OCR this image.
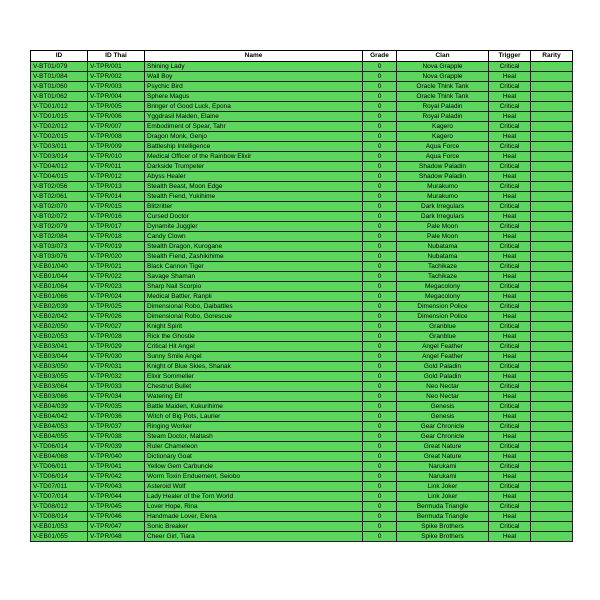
ID	ID Thai	Name	Grade	Clan	Trigger	Rarity
V-BT01/079	V-TPR/001	Shining Lady	0	Nova Grapple	Critical	
V-BT01/084	V-TPR/002	Wall Boy	0	Nova Grapple	Heal	
V-BT01/060	V-TPR/003	Psychic Bird	0	Oracle Think Tank	Critical	
V-BT01/062	V-TPR/004	Sphere Magus	0	Oracle Think Tank	Heal	
V-TD01/012	V-TPR/005	Bringer of Good Luck, Epona	0	Royal Paladin	Critical	
V-TD01/015	V-TPR/006	Yggdrasil Maiden, Elaine	0	Royal Paladin	Heal	
V-TD02/012	V-TPR/007	Embodiment of Spear, Tahr	0	Kagero	Critical	
V-TD02/015	V-TPR/008	Dragon Monk, Genjo	0	Kagero	Heal	
V-TD03/011	V-TPR/009	Battleship Intelligence	0	Aqua Force	Critical	
V-TD03/014	V-TPR/010	Medical Officer of the Rainbow Elixir	0	Aqua Force	Heal	
V-TD04/012	V-TPR/011	Darkside Trumpeter	0	Shadow Paladin	Critical	
V-TD04/015	V-TPR/012	Abyss Healer	0	Shadow Paladin	Heal	
V-BT02/056	V-TPR/013	Stealth Beast, Moon Edge	0	Murakumo	Critical	
V-BT02/061	V-TPR/014	Stealth Fiend, Yukihime	0	Murakumo	Heal	
V-BT02/070	V-TPR/015	Blitzritter	0	Dark Irregulars	Critical	
V-BT02/072	V-TPR/016	Cursed Doctor	0	Dark Irregulars	Heal	
V-BT02/079	V-TPR/017	Dynamite Juggler	0	Pale Moon	Critical	
V-BT02/084	V-TPR/018	Candy Clown	0	Pale Moon	Heal	
V-BT03/073	V-TPR/019	Stealth Dragon, Kurogane	0	Nubatama	Critical	
V-BT03/076	V-TPR/020	Stealth Fiend, Zashikihime	0	Nubatama	Heal	
V-EB01/040	V-TPR/021	Black Cannon Tiger	0	Tachikaze	Critical	
V-EB01/044	V-TPR/022	Savage Shaman	0	Tachikaze	Heal	
V-EB01/064	V-TPR/023	Sharp Nail Scorpio	0	Megacolony	Critical	
V-EB01/066	V-TPR/024	Medical Battler, Ranpli	0	Megacolony	Heal	
V-EB02/039	V-TPR/025	Dimensional Robo, Daibattles	0	Dimension Police	Critical	
V-EB02/042	V-TPR/026	Dimensional Robo, Gorescue	0	Dimension Police	Heal	
V-EB02/050	V-TPR/027	Knight Spirit	0	Granblue	Critical	
V-EB02/053	V-TPR/028	Rick the Ghostie	0	Granblue	Heal	
V-EB03/041	V-TPR/029	Critical Hit Angel	0	Angel Feather	Critical	
V-EB03/044	V-TPR/030	Sunny Smile Angel	0	Angel Feather	Heal	
V-EB03/050	V-TPR/031	Knight of Blue Skies, Shanak	0	Gold Paladin	Critical	
V-EB03/055	V-TPR/032	Elixir Sommelier	0	Gold Paladin	Heal	
V-EB03/064	V-TPR/033	Chestnut Bullet	0	Neo Nectar	Critical	
V-EB03/066	V-TPR/034	Watering Elf	0	Neo Nectar	Heal	
V-EB04/039	V-TPR/035	Battle Maiden, Kukurihime	0	Genesis	Critical	
V-EB04/042	V-TPR/036	Witch of Big Pots, Laurier	0	Genesis	Heal	
V-EB04/053	V-TPR/037	Ringing Worker	0	Gear Chronicle	Critical	
V-EB04/055	V-TPR/038	Steam Doctor, Maltash	0	Gear Chronicle	Heal	
V-TD06/014	V-TPR/039	Ruler Chameleon	0	Great Nature	Critical	
V-EB04/068	V-TPR/040	Dictionary Goat	0	Great Nature	Heal	
V-TD06/011	V-TPR/041	Yellow Gem Carbuncle	0	Narukami	Critical	
V-TD06/014	V-TPR/042	Worm Toxin Enduement, Seiobo	0	Narukami	Heal	
V-TD07/011	V-TPR/043	Asteroid Wolf	0	Link Joker	Critical	
V-TD07/014	V-TPR/044	Lady Healer of the Torn World	0	Link Joker	Heal	
V-TD08/012	V-TPR/045	Lover Hope, Rina	0	Bermuda Triangle	Critical	
V-TD08/014	V-TPR/046	Handmade Lover, Elena	0	Bermuda Triangle	Heal	
V-EB01/053	V-TPR/047	Sonic Breaker	0	Spike Brothers	Critical	
V-EB01/055	V-TPR/048	Cheer Girl, Tiara	0	Spike Brothers	Heal	
